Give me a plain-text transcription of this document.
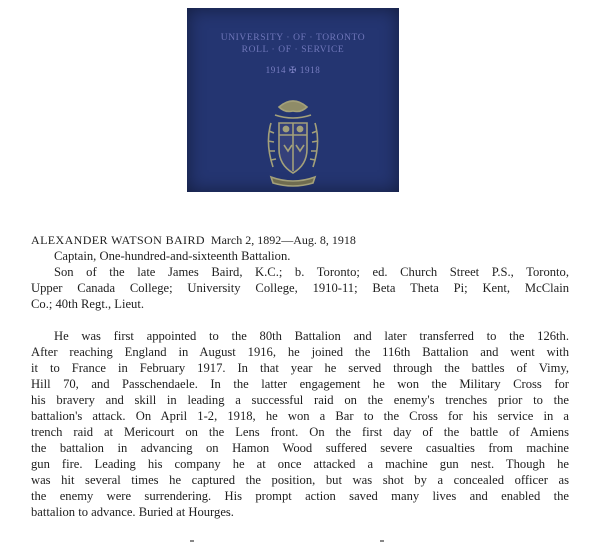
UNIVERSITY · OF · TORONTO
ROLL · OF · SERVICE
1914 ✠ 1918
ALEXANDER WATSON BAIRD March 2, 1892—Aug. 8, 1918
Captain, One-hundred-and-sixteenth Battalion.
Son of the late James Baird, K.C.; b. Toronto; ed. Church Street P.S., Toronto,
Upper Canada College; University College, 1910-11; Beta Theta Pi; Kent, McClain
Co.; 40th Regt., Lieut.
He was first appointed to the 80th Battalion and later transferred to the 126th.
After reaching England in August 1916, he joined the 116th Battalion and went with
it to France in February 1917. In that year he served through the battles of Vimy,
Hill 70, and Passchendaele. In the latter engagement he won the Military Cross for
his bravery and skill in leading a successful raid on the enemy's trenches prior to the
battalion's attack. On April 1-2, 1918, he won a Bar to the Cross for his service in a
trench raid at Mericourt on the Lens front. On the first day of the battle of Amiens
the battalion in advancing on Hamon Wood suffered severe casualties from machine
gun fire. Leading his company he at once attacked a machine gun nest. Though he
was hit several times he captured the position, but was shot by a concealed officer as
the enemy were surrendering. His prompt action saved many lives and enabled the
battalion to advance. Buried at Hourges.
